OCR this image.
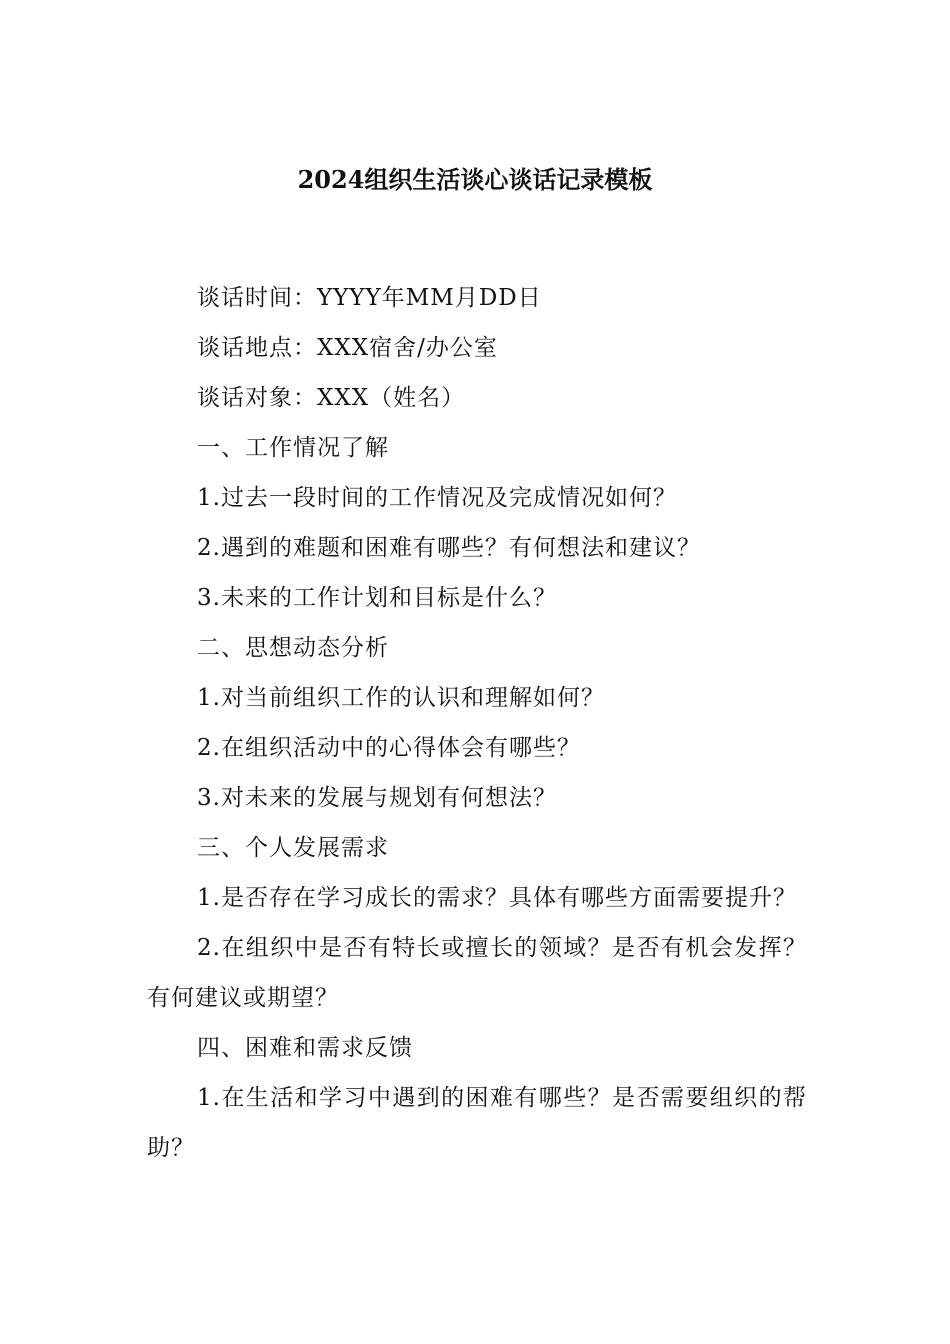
2024组织生活谈心谈话记录模板

谈话时间：YYYY年MM月DD日

谈话地点：XXX宿舍/办公室

谈话对象：XXX（姓名）

一、工作情况了解

1.过去一段时间的工作情况及完成情况如何？

2.遇到的难题和困难有哪些？有何想法和建议？

3.未来的工作计划和目标是什么？

二、思想动态分析

1.对当前组织工作的认识和理解如何？

2.在组织活动中的心得体会有哪些？

3.对未来的发展与规划有何想法？

三、个人发展需求

1.是否存在学习成长的需求？具体有哪些方面需要提升？

2.在组织中是否有特长或擅长的领域？是否有机会发挥？有何建议或期望？

四、困难和需求反馈

1.在生活和学习中遇到的困难有哪些？是否需要组织的帮助？
